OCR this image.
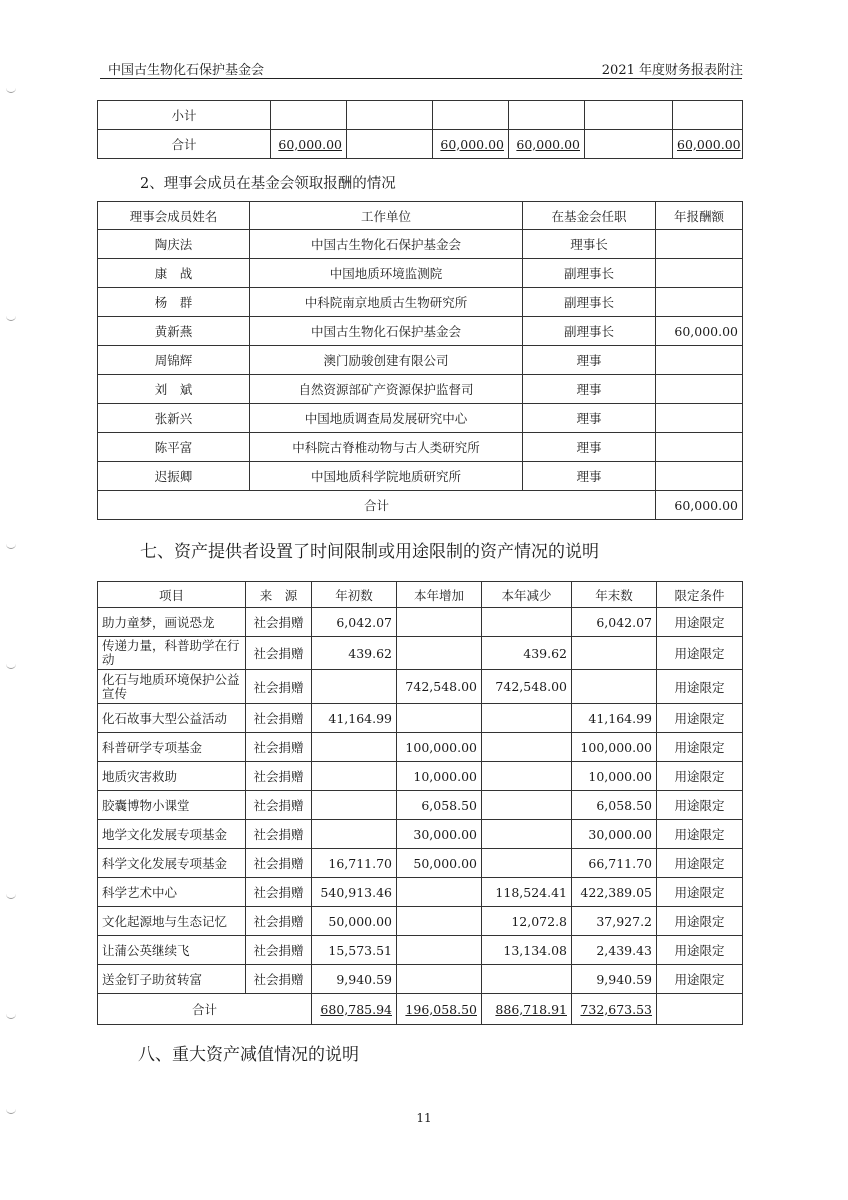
中国古生物化石保护基金会	2021 年度财务报表附注
小计						
合计	60,000.00		60,000.00	60,000.00		60,000.00
2、理事会成员在基金会领取报酬的情况
理事会成员姓名	工作单位	在基金会任职	年报酬额
陶庆法	中国古生物化石保护基金会	理事长	
康　战	中国地质环境监测院	副理事长	
杨　群	中科院南京地质古生物研究所	副理事长	
黄新燕	中国古生物化石保护基金会	副理事长	60,000.00
周锦辉	澳门励骏创建有限公司	理事	
刘　斌	自然资源部矿产资源保护监督司	理事	
张新兴	中国地质调查局发展研究中心	理事	
陈平富	中科院古脊椎动物与古人类研究所	理事	
迟振卿	中国地质科学院地质研究所	理事	
合计			60,000.00
七、资产提供者设置了时间限制或用途限制的资产情况的说明
项目	来　源	年初数	本年增加	本年减少	年末数	限定条件
助力童梦，画说恐龙	社会捐赠	6,042.07			6,042.07	用途限定
传递力量，科普助学在行动	社会捐赠	439.62		439.62		用途限定
化石与地质环境保护公益宣传	社会捐赠		742,548.00	742,548.00		用途限定
化石故事大型公益活动	社会捐赠	41,164.99			41,164.99	用途限定
科普研学专项基金	社会捐赠		100,000.00		100,000.00	用途限定
地质灾害救助	社会捐赠		10,000.00		10,000.00	用途限定
胶囊博物小课堂	社会捐赠		6,058.50		6,058.50	用途限定
地学文化发展专项基金	社会捐赠		30,000.00		30,000.00	用途限定
科学文化发展专项基金	社会捐赠	16,711.70	50,000.00		66,711.70	用途限定
科学艺术中心	社会捐赠	540,913.46		118,524.41	422,389.05	用途限定
文化起源地与生态记忆	社会捐赠	50,000.00		12,072.8	37,927.2	用途限定
让蒲公英继续飞	社会捐赠	15,573.51		13,134.08	2,439.43	用途限定
送金钉子助贫转富	社会捐赠	9,940.59			9,940.59	用途限定
合计		680,785.94	196,058.50	886,718.91	732,673.53	
八、重大资产减值情况的说明
11
